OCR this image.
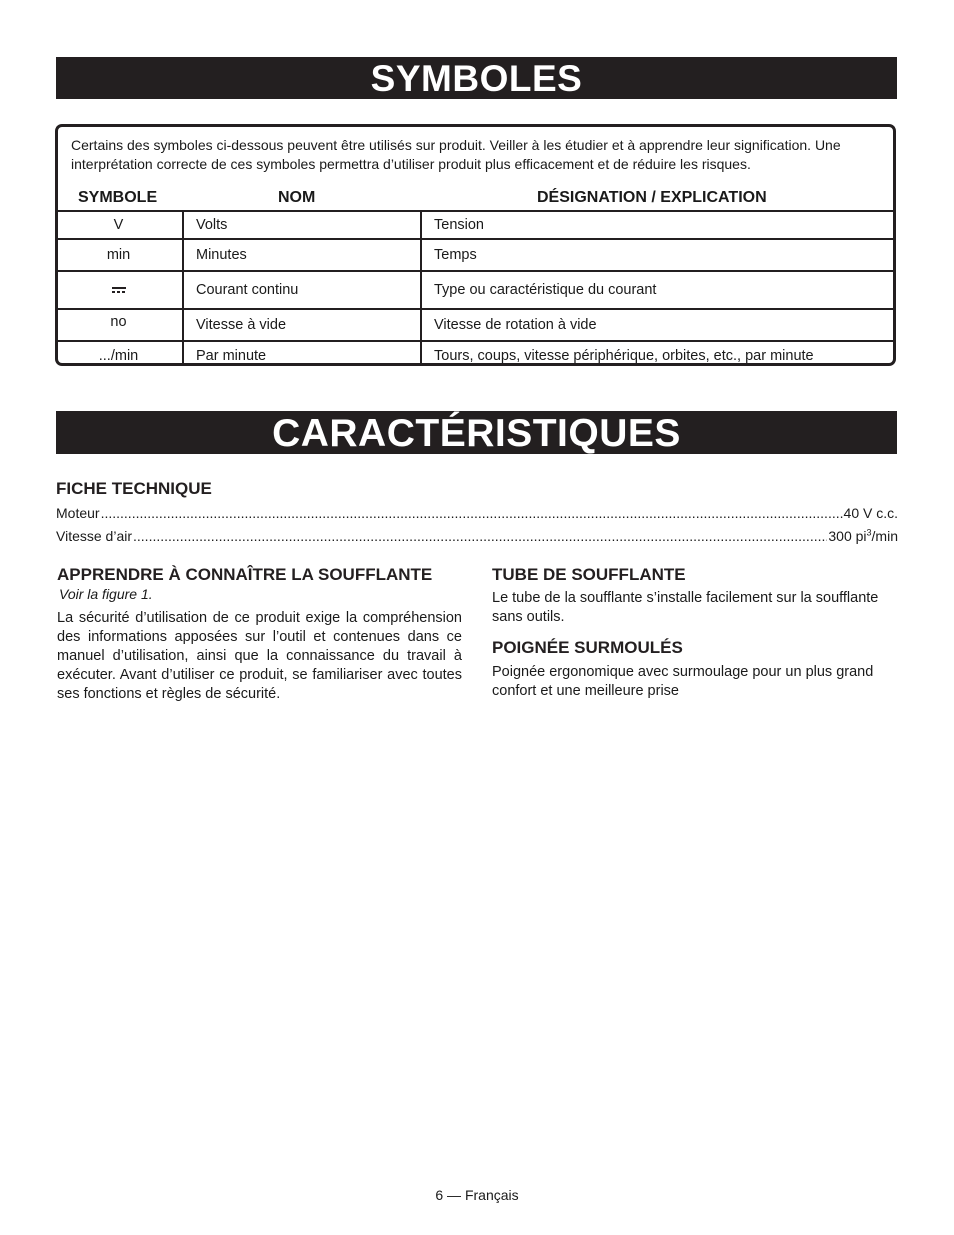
SYMBOLES
Certains des symboles ci-dessous peuvent être utilisés sur produit. Veiller à les étudier et à apprendre leur signification. Une interprétation correcte de ces symboles permettra d’utiliser produit plus efficacement et de réduire les risques.
SYMBOLE	NOM	DÉSIGNATION / EXPLICATION
V	Volts	Tension
min	Minutes	Temps

	Courant continu	Type ou caractéristique du courant
no	Vitesse à vide	Vitesse de rotation à vide
.../min	Par minute	Tours, coups, vitesse périphérique, orbites, etc., par minute
CARACTÉRISTIQUES
FICHE TECHNIQUE
Moteur .....	40 V c.c.
Vitesse d’air .....	300 $pi^3/\min$
APPRENDRE À CONNAÎTRE LA SOUFFLANTE
Voir la figure 1.
La sécurité d’utilisation de ce produit exige la compréhension des informations apposées sur l’outil et contenues dans ce manuel d’utilisation, ainsi que la connaissance du travail à exécuter. Avant d’utiliser ce produit, se familiariser avec toutes ses fonctions et règles de sécurité.
TUBE DE SOUFFLANTE
Le tube de la soufflante s’installe facilement sur la soufflante sans outils.
POIGNÉE SURMOULÉS
Poignée ergonomique avec surmoulage pour un plus grand confort et une meilleure prise
6 — Français
